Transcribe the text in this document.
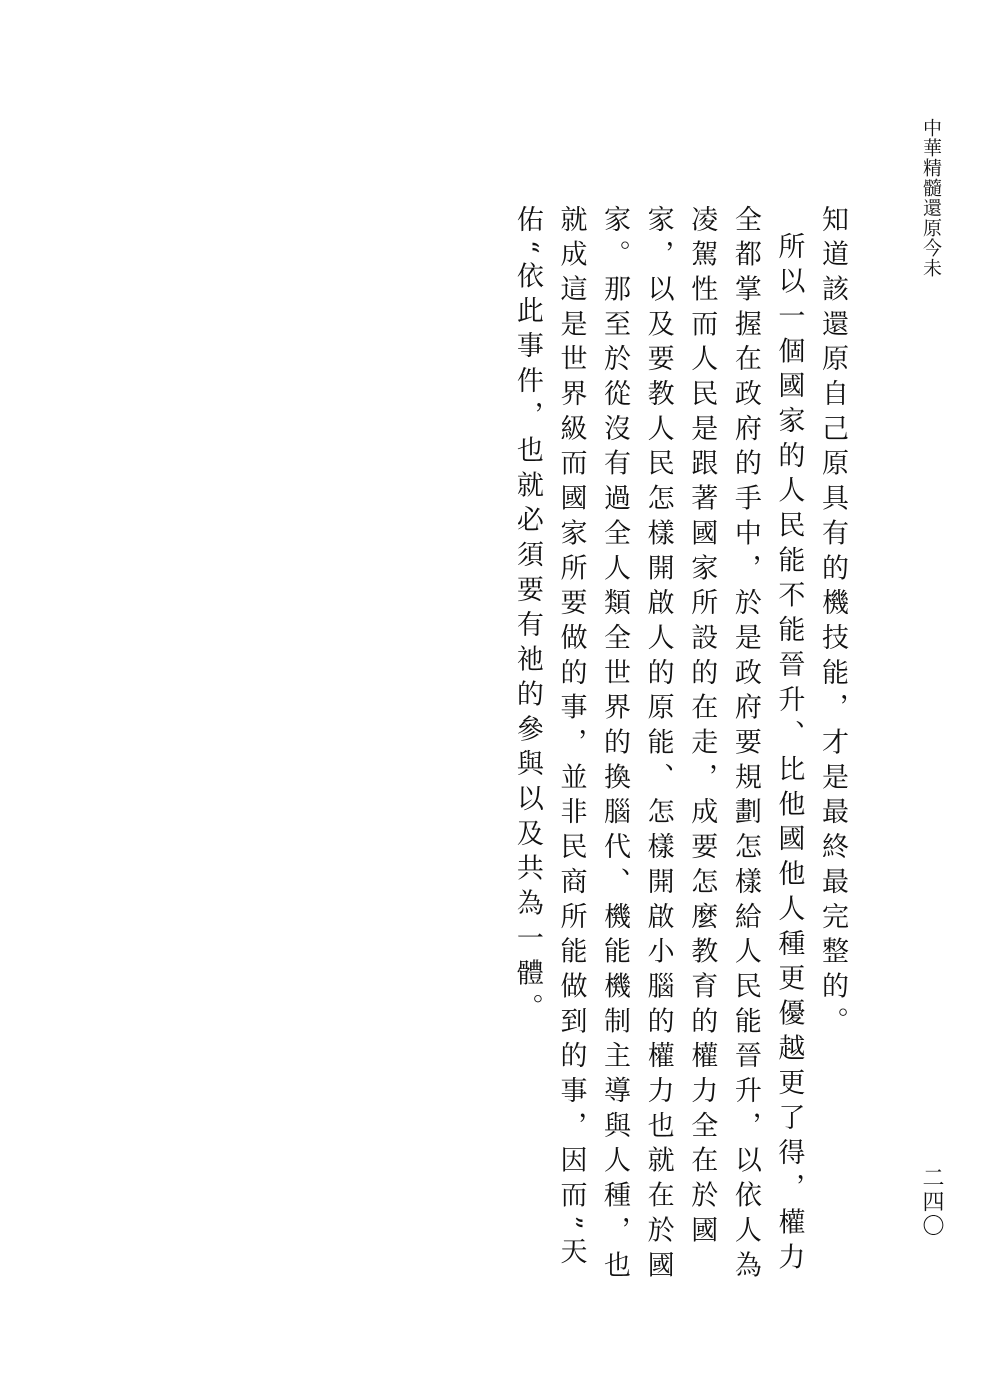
中華精髓還原今未
二四〇

知道該還原自己原具有的機技能，才是最終最完整的。

所以一個國家的人民能不能晉升、比他國他人種更優越更了得，權力全都掌握在政府的手中，於是政府要規劃怎樣給人民能晉升，以依人為凌駕性而人民是跟著國家所設的在走，成要怎麼教育的權力全在於國家，以及要教人民怎樣開啟人的原能、怎樣開啟小腦的權力也就在於國家。那至於從沒有過全人類全世界的換腦代、機能機制主導與人種，也就成這是世界級而國家所要做的事，並非民商所能做到的事，因而”天佑“依此事件，也就必須要有祂的參與以及共為一體。
